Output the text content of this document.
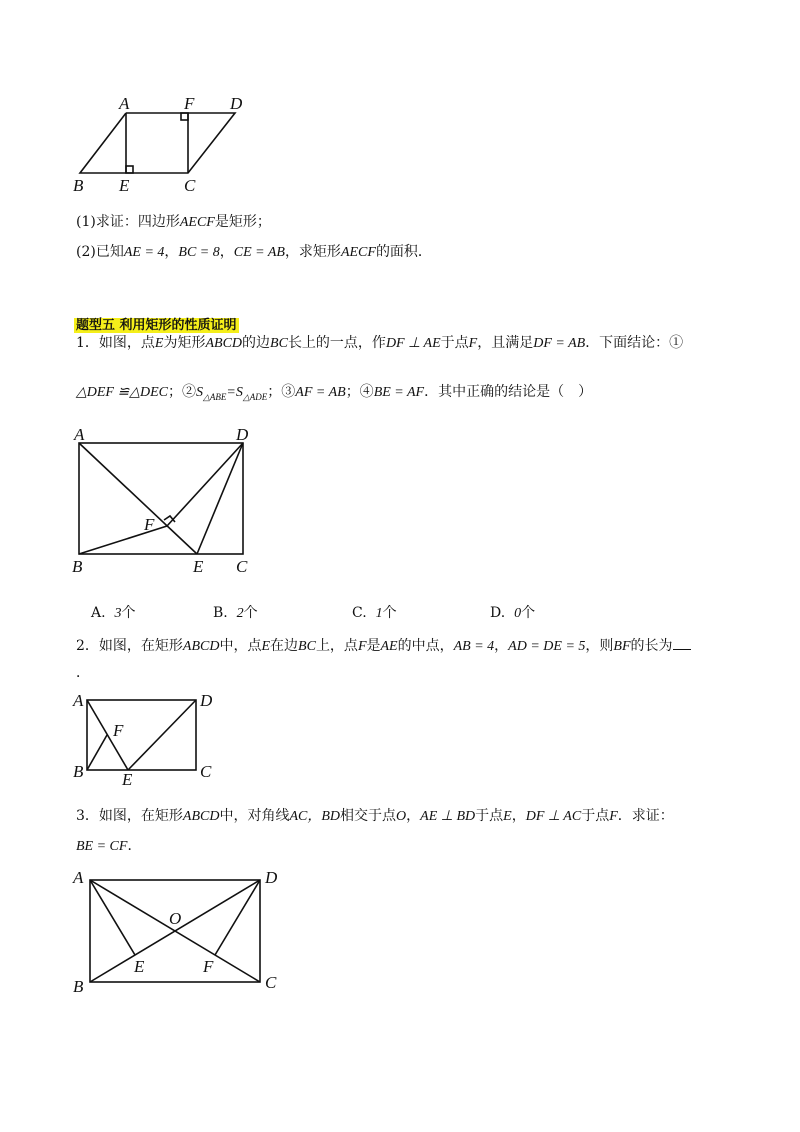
A	F D
B E	C
(1)求证：四边形AECF是矩形；
(2)已知AE = 4，BC = 8，CE = AB，求矩形AECF的面积．
题型五 利用矩形的性质证明
1．如图，点E为矩形ABCD的边BC长上的一点，作DF ⊥ AE于点F，且满足DF = AB．下面结论：①
△DEF ≌△DEC；$②S_{\triangle ABE}=S_{\triangle ADE}$；③AF = AB；④BE = AF．其中正确的结论是（　）
A	D
F
B	E C
A. 3个	B. 2个	C. 1个	D. 0个
2．如图，在矩形ABCD中，点E在边BC上，点F是AE的中点，AB = 4，AD = DE = 5，则BF的长为
．
A	D
F
B E	C
3．如图，在矩形ABCD中，对角线AC，BD相交于点O，AE ⊥ BD于点E，DF ⊥ AC于点F．求证：
BE = CF．
A	D
O
E	F
B	C
